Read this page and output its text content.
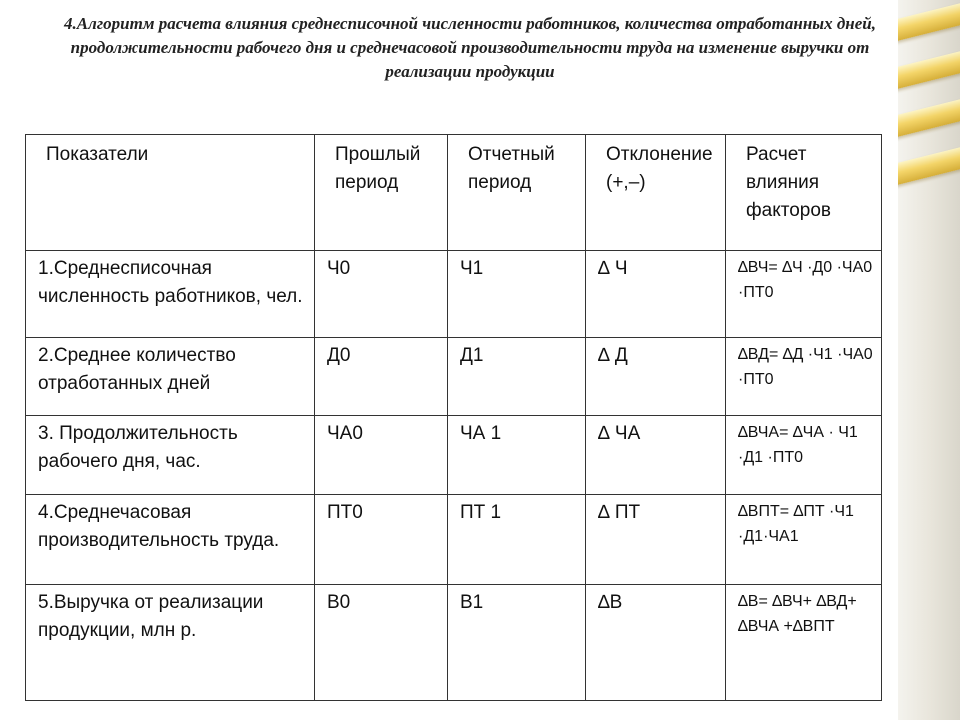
4.Алгоритм расчета влияния среднесписочной численности работников, количества отработанных дней, продолжительности рабочего дня и среднечасовой производительности труда на изменение выручки от реализации продукции
Показатели	Прошлый период	Отчетный период	Отклонение (+,–)	Расчет влияния факторов
1.Среднесписочная численность работников, чел.	Ч0	Ч1	∆ Ч	∆ВЧ= ∆Ч ·Д0 ·ЧА0 ·ПТ0
2.Среднее количество отработанных дней	Д0	Д1	∆ Д	∆ВД= ∆Д ·Ч1 ·ЧА0 ·ПТ0
3. Продолжительность рабочего дня, час.	ЧА0	ЧА 1	∆ ЧА	∆ВЧА= ∆ЧА · Ч1 ·Д1 ·ПТ0
4.Среднечасовая производительность труда.	ПТ0	ПТ 1	∆ ПТ	∆ВПТ= ∆ПТ ·Ч1 ·Д1·ЧА1
5.Выручка от реализации продукции, млн р.	В0	В1	∆В	∆В= ∆ВЧ+ ∆ВД+ ∆ВЧА +∆ВПТ
